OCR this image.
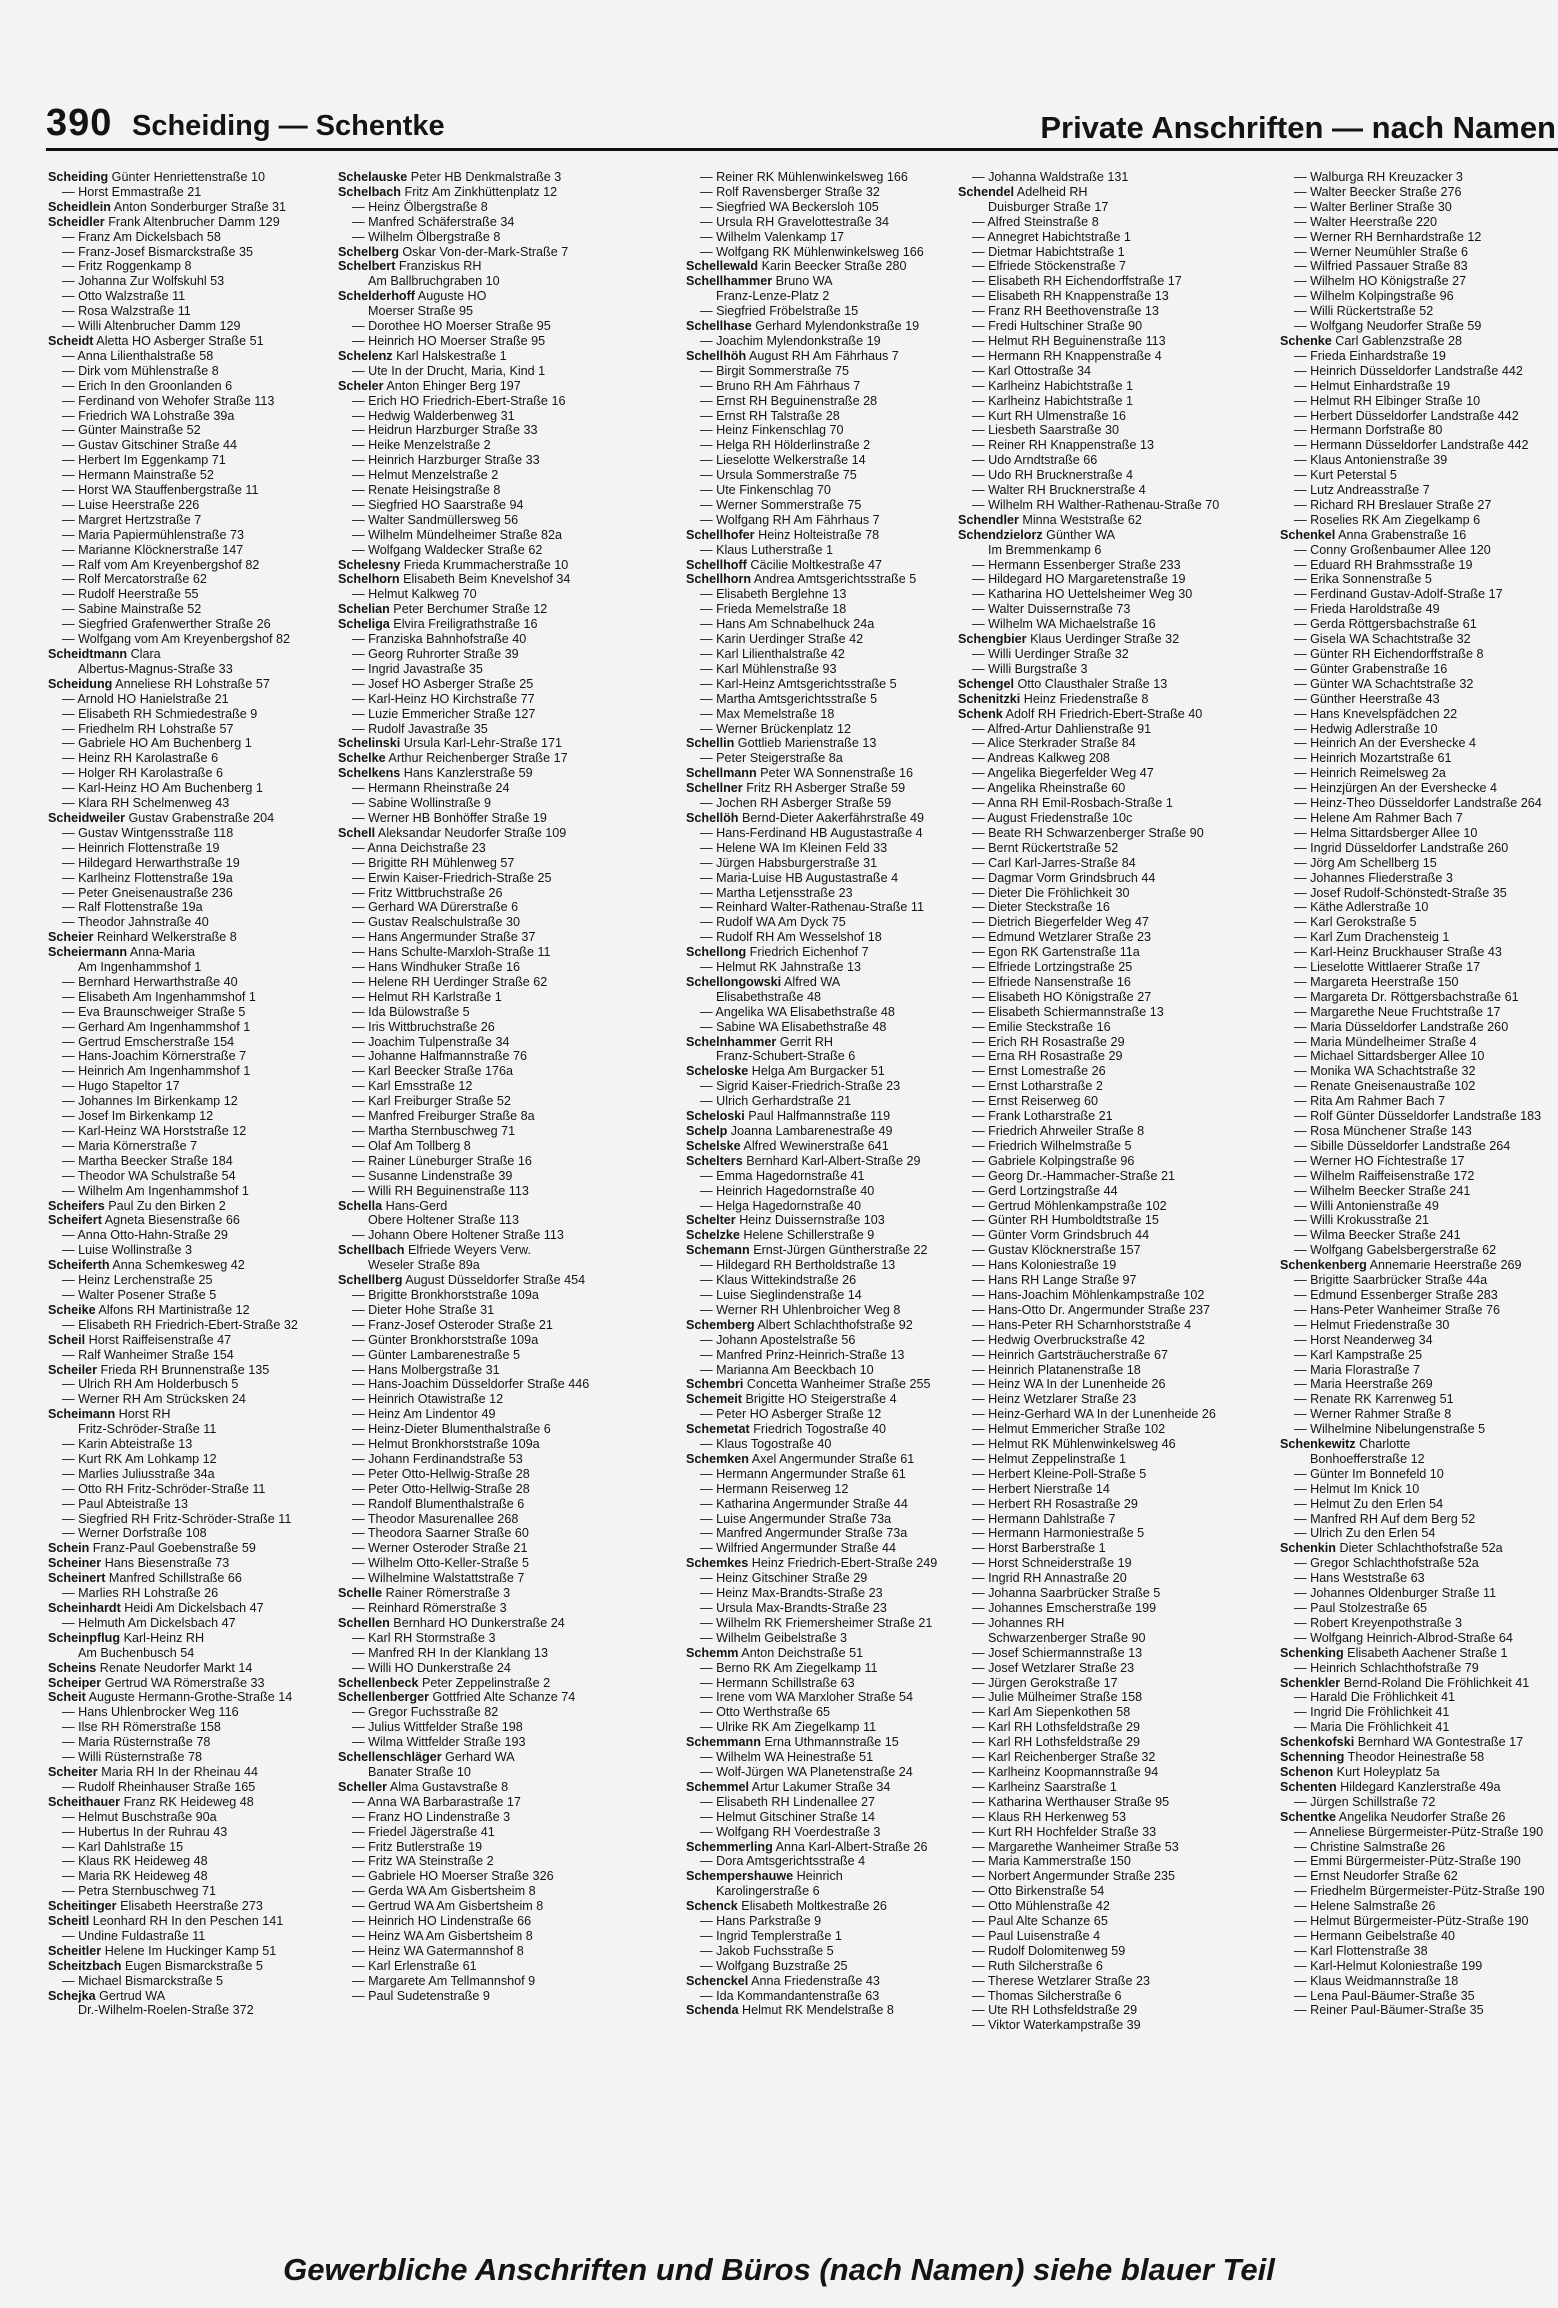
390 Scheiding — Schentke	Private Anschriften — nach Namen
Scheiding Günter Henriettenstraße 10
— Horst Emmastraße 21
Scheidlein Anton Sonderburger Straße 31
Scheidler Frank Altenbrucher Damm 129
— Franz Am Dickelsbach 58
— Franz-Josef Bismarckstraße 35
— Fritz Roggenkamp 8
— Johanna Zur Wolfskuhl 53
— Otto Walzstraße 11
— Rosa Walzstraße 11
— Willi Altenbrucher Damm 129
Scheidt Aletta HO Asberger Straße 51
— Anna Lilienthalstraße 58
— Dirk vom Mühlenstraße 8
— Erich In den Groonlanden 6
— Ferdinand von Wehofer Straße 113
— Friedrich WA Lohstraße 39a
— Günter Mainstraße 52
— Gustav Gitschiner Straße 44
— Herbert Im Eggenkamp 71
— Hermann Mainstraße 52
— Horst WA Stauffenbergstraße 11
— Luise Heerstraße 226
— Margret Hertzstraße 7
— Maria Papiermühlenstraße 73
— Marianne Klöcknerstraße 147
— Ralf vom Am Kreyenbergshof 82
— Rolf Mercatorstraße 62
— Rudolf Heerstraße 55
— Sabine Mainstraße 52
— Siegfried Grafenwerther Straße 26
— Wolfgang vom Am Kreyenbergshof 82
Scheidtmann Clara
Albertus-Magnus-Straße 33
Scheidung Anneliese RH Lohstraße 57
— Arnold HO Hanielstraße 21
— Elisabeth RH Schmiedestraße 9
— Friedhelm RH Lohstraße 57
— Gabriele HO Am Buchenberg 1
— Heinz RH Karolastraße 6
— Holger RH Karolastraße 6
— Karl-Heinz HO Am Buchenberg 1
— Klara RH Schelmenweg 43
Scheidweiler Gustav Grabenstraße 204
— Gustav Wintgensstraße 118
— Heinrich Flottenstraße 19
— Hildegard Herwarthstraße 19
— Karlheinz Flottenstraße 19a
— Peter Gneisenaustraße 236
— Ralf Flottenstraße 19a
— Theodor Jahnstraße 40
Scheier Reinhard Welkerstraße 8
Scheiermann Anna-Maria
Am Ingenhammshof 1
— Bernhard Herwarthstraße 40
— Elisabeth Am Ingenhammshof 1
— Eva Braunschweiger Straße 5
— Gerhard Am Ingenhammshof 1
— Gertrud Emscherstraße 154
— Hans-Joachim Körnerstraße 7
— Heinrich Am Ingenhammshof 1
— Hugo Stapeltor 17
— Johannes Im Birkenkamp 12
— Josef Im Birkenkamp 12
— Karl-Heinz WA Horststraße 12
— Maria Körnerstraße 7
— Martha Beecker Straße 184
— Theodor WA Schulstraße 54
— Wilhelm Am Ingenhammshof 1
Scheifers Paul Zu den Birken 2
Scheifert Agneta Biesenstraße 66
— Anna Otto-Hahn-Straße 29
— Luise Wollinstraße 3
Scheiferth Anna Schemkesweg 42
— Heinz Lerchenstraße 25
— Walter Posener Straße 5
Scheike Alfons RH Martinistraße 12
— Elisabeth RH Friedrich-Ebert-Straße 32
Scheil Horst Raiffeisenstraße 47
— Ralf Wanheimer Straße 154
Scheiler Frieda RH Brunnenstraße 135
— Ulrich RH Am Holderbusch 5
— Werner RH Am Strücksken 24
Scheimann Horst RH
Fritz-Schröder-Straße 11
— Karin Abteistraße 13
— Kurt RK Am Lohkamp 12
— Marlies Juliusstraße 34a
— Otto RH Fritz-Schröder-Straße 11
— Paul Abteistraße 13
— Siegfried RH Fritz-Schröder-Straße 11
— Werner Dorfstraße 108
Schein Franz-Paul Goebenstraße 59
Scheiner Hans Biesenstraße 73
Scheinert Manfred Schillstraße 66
— Marlies RH Lohstraße 26
Scheinhardt Heidi Am Dickelsbach 47
— Helmuth Am Dickelsbach 47
Scheinpflug Karl-Heinz RH
Am Buchenbusch 54
Scheins Renate Neudorfer Markt 14
Scheiper Gertrud WA Römerstraße 33
Scheit Auguste Hermann-Grothe-Straße 14
— Hans Uhlenbrocker Weg 116
— Ilse RH Römerstraße 158
— Maria Rüsternstraße 78
— Willi Rüsternstraße 78
Scheiter Maria RH In der Rheinau 44
— Rudolf Rheinhauser Straße 165
Scheithauer Franz RK Heideweg 48
— Helmut Buschstraße 90a
— Hubertus In der Ruhrau 43
— Karl Dahlstraße 15
— Klaus RK Heideweg 48
— Maria RK Heideweg 48
— Petra Sternbuschweg 71
Scheitinger Elisabeth Heerstraße 273
Scheitl Leonhard RH In den Peschen 141
— Undine Fuldastraße 11
Scheitler Helene Im Huckinger Kamp 51
Scheitzbach Eugen Bismarckstraße 5
— Michael Bismarckstraße 5
Schejka Gertrud WA
Dr.-Wilhelm-Roelen-Straße 372
Schelauske Peter HB Denkmalstraße 3
Schelbach Fritz Am Zinkhüttenplatz 12
— Heinz Ölbergstraße 8
— Manfred Schäferstraße 34
— Wilhelm Ölbergstraße 8
Schelberg Oskar Von-der-Mark-Straße 7
Schelbert Franziskus RH
Am Ballbruchgraben 10
Schelderhoff Auguste HO
Moerser Straße 95
— Dorothee HO Moerser Straße 95
— Heinrich HO Moerser Straße 95
Schelenz Karl Halskestraße 1
— Ute In der Drucht, Maria, Kind 1
Scheler Anton Ehinger Berg 197
— Erich HO Friedrich-Ebert-Straße 16
— Hedwig Walderbenweg 31
— Heidrun Harzburger Straße 33
— Heike Menzelstraße 2
— Heinrich Harzburger Straße 33
— Helmut Menzelstraße 2
— Renate Heisingstraße 8
— Siegfried HO Saarstraße 94
— Walter Sandmüllersweg 56
— Wilhelm Mündelheimer Straße 82a
— Wolfgang Waldecker Straße 62
Schelesny Frieda Krummacherstraße 10
Schelhorn Elisabeth Beim Knevelshof 34
— Helmut Kalkweg 70
Schelian Peter Berchumer Straße 12
Scheliga Elvira Freiligrathstraße 16
— Franziska Bahnhofstraße 40
— Georg Ruhrorter Straße 39
— Ingrid Javastraße 35
— Josef HO Asberger Straße 25
— Karl-Heinz HO Kirchstraße 77
— Luzie Emmericher Straße 127
— Rudolf Javastraße 35
Schelinski Ursula Karl-Lehr-Straße 171
Schelke Arthur Reichenberger Straße 17
Schelkens Hans Kanzlerstraße 59
— Hermann Rheinstraße 24
— Sabine Wollinstraße 9
— Werner HB Bonhöffer Straße 19
Schell Aleksandar Neudorfer Straße 109
— Anna Deichstraße 23
— Brigitte RH Mühlenweg 57
— Erwin Kaiser-Friedrich-Straße 25
— Fritz Wittbruchstraße 26
— Gerhard WA Dürerstraße 6
— Gustav Realschulstraße 30
— Hans Angermunder Straße 37
— Hans Schulte-Marxloh-Straße 11
— Hans Windhuker Straße 16
— Helene RH Uerdinger Straße 62
— Helmut RH Karlstraße 1
— Ida Bülowstraße 5
— Iris Wittbruchstraße 26
— Joachim Tulpenstraße 34
— Johanne Halfmannstraße 76
— Karl Beecker Straße 176a
— Karl Emsstraße 12
— Karl Freiburger Straße 52
— Manfred Freiburger Straße 8a
— Martha Sternbuschweg 71
— Olaf Am Tollberg 8
— Rainer Lüneburger Straße 16
— Susanne Lindenstraße 39
— Willi RH Beguinenstraße 113
Schella Hans-Gerd
Obere Holtener Straße 113
— Johann Obere Holtener Straße 113
Schellbach Elfriede Weyers Verw.
Weseler Straße 89a
Schellberg August Düsseldorfer Straße 454
— Brigitte Bronkhorststraße 109a
— Dieter Hohe Straße 31
— Franz-Josef Osteroder Straße 21
— Günter Bronkhorststraße 109a
— Günter Lambarenestraße 5
— Hans Molbergstraße 31
— Hans-Joachim Düsseldorfer Straße 446
— Heinrich Otawistraße 12
— Heinz Am Lindentor 49
— Heinz-Dieter Blumenthalstraße 6
— Helmut Bronkhorststraße 109a
— Johann Ferdinandstraße 53
— Peter Otto-Hellwig-Straße 28
— Peter Otto-Hellwig-Straße 28
— Randolf Blumenthalstraße 6
— Theodor Masurenallee 268
— Theodora Saarner Straße 60
— Werner Osteroder Straße 21
— Wilhelm Otto-Keller-Straße 5
— Wilhelmine Walstattstraße 7
Schelle Rainer Römerstraße 3
— Reinhard Römerstraße 3
Schellen Bernhard HO Dunkerstraße 24
— Karl RH Stormstraße 3
— Manfred RH In der Klanklang 13
— Willi HO Dunkerstraße 24
Schellenbeck Peter Zeppelinstraße 2
Schellenberger Gottfried Alte Schanze 74
— Gregor Fuchsstraße 82
— Julius Wittfelder Straße 198
— Wilma Wittfelder Straße 193
Schellenschläger Gerhard WA
Banater Straße 10
Scheller Alma Gustavstraße 8
— Anna WA Barbarastraße 17
— Franz HO Lindenstraße 3
— Friedel Jägerstraße 41
— Fritz Butlerstraße 19
— Fritz WA Steinstraße 2
— Gabriele HO Moerser Straße 326
— Gerda WA Am Gisbertsheim 8
— Gertrud WA Am Gisbertsheim 8
— Heinrich HO Lindenstraße 66
— Heinz WA Am Gisbertsheim 8
— Heinz WA Gatermannshof 8
— Karl Erlenstraße 61
— Margarete Am Tellmannshof 9
— Paul Sudetenstraße 9
— Reiner RK Mühlenwinkelsweg 166
— Rolf Ravensberger Straße 32
— Siegfried WA Beckersloh 105
— Ursula RH Gravelottestraße 34
— Wilhelm Valenkamp 17
— Wolfgang RK Mühlenwinkelsweg 166
Schellewald Karin Beecker Straße 280
Schellhammer Bruno WA
Franz-Lenze-Platz 2
— Siegfried Fröbelstraße 15
Schellhase Gerhard Mylendonkstraße 19
— Joachim Mylendonkstraße 19
Schellhöh August RH Am Fährhaus 7
— Birgit Sommerstraße 75
— Bruno RH Am Fährhaus 7
— Ernst RH Beguinenstraße 28
— Ernst RH Talstraße 28
— Heinz Finkenschlag 70
— Helga RH Hölderlinstraße 2
— Lieselotte Welkerstraße 14
— Ursula Sommerstraße 75
— Ute Finkenschlag 70
— Werner Sommerstraße 75
— Wolfgang RH Am Fährhaus 7
Schellhofer Heinz Holteistraße 78
— Klaus Lutherstraße 1
Schellhoff Cäcilie Moltkestraße 47
Schellhorn Andrea Amtsgerichtsstraße 5
— Elisabeth Berglehne 13
— Frieda Memelstraße 18
— Hans Am Schnabelhuck 24a
— Karin Uerdinger Straße 42
— Karl Lilienthalstraße 42
— Karl Mühlenstraße 93
— Karl-Heinz Amtsgerichtsstraße 5
— Martha Amtsgerichtsstraße 5
— Max Memelstraße 18
— Werner Brückenplatz 12
Schellin Gottlieb Marienstraße 13
— Peter Steigerstraße 8a
Schellmann Peter WA Sonnenstraße 16
Schellner Fritz RH Asberger Straße 59
— Jochen RH Asberger Straße 59
Schellöh Bernd-Dieter Aakerfährstraße 49
— Hans-Ferdinand HB Augustastraße 4
— Helene WA Im Kleinen Feld 33
— Jürgen Habsburgerstraße 31
— Maria-Luise HB Augustastraße 4
— Martha Letjensstraße 23
— Reinhard Walter-Rathenau-Straße 11
— Rudolf WA Am Dyck 75
— Rudolf RH Am Wesselshof 18
Schellong Friedrich Eichenhof 7
— Helmut RK Jahnstraße 13
Schellongowski Alfred WA
Elisabethstraße 48
— Angelika WA Elisabethstraße 48
— Sabine WA Elisabethstraße 48
Schelnhammer Gerrit RH
Franz-Schubert-Straße 6
Scheloske Helga Am Burgacker 51
— Sigrid Kaiser-Friedrich-Straße 23
— Ulrich Gerhardstraße 21
Scheloski Paul Halfmannstraße 119
Schelp Joanna Lambarenestraße 49
Schelske Alfred Wewinerstraße 641
Schelters Bernhard Karl-Albert-Straße 29
— Emma Hagedornstraße 41
— Heinrich Hagedornstraße 40
— Helga Hagedornstraße 40
Schelter Heinz Duissernstraße 103
Schelzke Helene Schillerstraße 9
Schemann Ernst-Jürgen Güntherstraße 22
— Hildegard RH Bertholdstraße 13
— Klaus Wittekindstraße 26
— Luise Sieglindenstraße 14
— Werner RH Uhlenbroicher Weg 8
Schemberg Albert Schlachthofstraße 92
— Johann Apostelstraße 56
— Manfred Prinz-Heinrich-Straße 13
— Marianna Am Beeckbach 10
Schembri Concetta Wanheimer Straße 255
Schemeit Brigitte HO Steigerstraße 4
— Peter HO Asberger Straße 12
Schemetat Friedrich Togostraße 40
— Klaus Togostraße 40
Schemken Axel Angermunder Straße 61
— Hermann Angermunder Straße 61
— Hermann Reiserweg 12
— Katharina Angermunder Straße 44
— Luise Angermunder Straße 73a
— Manfred Angermunder Straße 73a
— Wilfried Angermunder Straße 44
Schemkes Heinz Friedrich-Ebert-Straße 249
— Heinz Gitschiner Straße 29
— Heinz Max-Brandts-Straße 23
— Ursula Max-Brandts-Straße 23
— Wilhelm RK Friemersheimer Straße 21
— Wilhelm Geibelstraße 3
Schemm Anton Deichstraße 51
— Berno RK Am Ziegelkamp 11
— Hermann Schillstraße 63
— Irene vom WA Marxloher Straße 54
— Otto Werthstraße 65
— Ulrike RK Am Ziegelkamp 11
Schemmann Erna Uthmannstraße 15
— Wilhelm WA Heinestraße 51
— Wolf-Jürgen WA Planetenstraße 24
Schemmel Artur Lakumer Straße 34
— Elisabeth RH Lindenallee 27
— Helmut Gitschiner Straße 14
— Wolfgang RH Voerdestraße 3
Schemmerling Anna Karl-Albert-Straße 26
— Dora Amtsgerichtsstraße 4
Schempershauwe Heinrich
Karolingerstraße 6
Schenck Elisabeth Moltkestraße 26
— Hans Parkstraße 9
— Ingrid Templerstraße 1
— Jakob Fuchsstraße 5
— Wolfgang Buzstraße 25
Schenckel Anna Friedenstraße 43
— Ida Kommandantenstraße 63
Schenda Helmut RK Mendelstraße 8
— Johanna Waldstraße 131
Schendel Adelheid RH
Duisburger Straße 17
— Alfred Steinstraße 8
— Annegret Habichtstraße 1
— Dietmar Habichtstraße 1
— Elfriede Stöckenstraße 7
— Elisabeth RH Eichendorffstraße 17
— Elisabeth RH Knappenstraße 13
— Franz RH Beethovenstraße 13
— Fredi Hultschiner Straße 90
— Helmut RH Beguinenstraße 113
— Hermann RH Knappenstraße 4
— Karl Ottostraße 34
— Karlheinz Habichtstraße 1
— Karlheinz Habichtstraße 1
— Kurt RH Ulmenstraße 16
— Liesbeth Saarstraße 30
— Reiner RH Knappenstraße 13
— Udo Arndtstraße 66
— Udo RH Brucknerstraße 4
— Walter RH Brucknerstraße 4
— Wilhelm RH Walther-Rathenau-Straße 70
Schendler Minna Weststraße 62
Schendzielorz Günther WA
Im Bremmenkamp 6
— Hermann Essenberger Straße 233
— Hildegard HO Margaretenstraße 19
— Katharina HO Uettelsheimer Weg 30
— Walter Duissernstraße 73
— Wilhelm WA Michaelstraße 16
Schengbier Klaus Uerdinger Straße 32
— Willi Uerdinger Straße 32
— Willi Burgstraße 3
Schengel Otto Clausthaler Straße 13
Schenitzki Heinz Friedenstraße 8
Schenk Adolf RH Friedrich-Ebert-Straße 40
— Alfred-Artur Dahlienstraße 91
— Alice Sterkrader Straße 84
— Andreas Kalkweg 208
— Angelika Biegerfelder Weg 47
— Angelika Rheinstraße 60
— Anna RH Emil-Rosbach-Straße 1
— August Friedenstraße 10c
— Beate RH Schwarzenberger Straße 90
— Bernt Rückertstraße 52
— Carl Karl-Jarres-Straße 84
— Dagmar Vorm Grindsbruch 44
— Dieter Die Fröhlichkeit 30
— Dieter Steckstraße 16
— Dietrich Biegerfelder Weg 47
— Edmund Wetzlarer Straße 23
— Egon RK Gartenstraße 11a
— Elfriede Lortzingstraße 25
— Elfriede Nansenstraße 16
— Elisabeth HO Königstraße 27
— Elisabeth Schiermannstraße 13
— Emilie Steckstraße 16
— Erich RH Rosastraße 29
— Erna RH Rosastraße 29
— Ernst Lomestraße 26
— Ernst Lotharstraße 2
— Ernst Reiserweg 60
— Frank Lotharstraße 21
— Friedrich Ahrweiler Straße 8
— Friedrich Wilhelmstraße 5
— Gabriele Kolpingstraße 96
— Georg Dr.-Hammacher-Straße 21
— Gerd Lortzingstraße 44
— Gertrud Möhlenkampstraße 102
— Günter RH Humboldtstraße 15
— Günter Vorm Grindsbruch 44
— Gustav Klöcknerstraße 157
— Hans Koloniestraße 19
— Hans RH Lange Straße 97
— Hans-Joachim Möhlenkampstraße 102
— Hans-Otto Dr. Angermunder Straße 237
— Hans-Peter RH Scharnhorststraße 4
— Hedwig Overbruckstraße 42
— Heinrich Gartsträucherstraße 67
— Heinrich Platanenstraße 18
— Heinz WA In der Lunenheide 26
— Heinz Wetzlarer Straße 23
— Heinz-Gerhard WA In der Lunenheide 26
— Helmut Emmericher Straße 102
— Helmut RK Mühlenwinkelsweg 46
— Helmut Zeppelinstraße 1
— Herbert Kleine-Poll-Straße 5
— Herbert Nierstraße 14
— Herbert RH Rosastraße 29
— Hermann Dahlstraße 7
— Hermann Harmoniestraße 5
— Horst Barberstraße 1
— Horst Schneiderstraße 19
— Ingrid RH Annastraße 20
— Johanna Saarbrücker Straße 5
— Johannes Emscherstraße 199
— Johannes RH
Schwarzenberger Straße 90
— Josef Schiermannstraße 13
— Josef Wetzlarer Straße 23
— Jürgen Gerokstraße 17
— Julie Mülheimer Straße 158
— Karl Am Siepenkothen 58
— Karl RH Lothsfeldstraße 29
— Karl RH Lothsfeldstraße 29
— Karl Reichenberger Straße 32
— Karlheinz Koopmannstraße 94
— Karlheinz Saarstraße 1
— Katharina Werthauser Straße 95
— Klaus RH Herkenweg 53
— Kurt RH Hochfelder Straße 33
— Margarethe Wanheimer Straße 53
— Maria Kammerstraße 150
— Norbert Angermunder Straße 235
— Otto Birkenstraße 54
— Otto Mühlenstraße 42
— Paul Alte Schanze 65
— Paul Luisenstraße 4
— Rudolf Dolomitenweg 59
— Ruth Silcherstraße 6
— Therese Wetzlarer Straße 23
— Thomas Silcherstraße 6
— Ute RH Lothsfeldstraße 29
— Viktor Waterkampstraße 39
— Walburga RH Kreuzacker 3
— Walter Beecker Straße 276
— Walter Berliner Straße 30
— Walter Heerstraße 220
— Werner RH Bernhardstraße 12
— Werner Neumühler Straße 6
— Wilfried Passauer Straße 83
— Wilhelm HO Königstraße 27
— Wilhelm Kolpingstraße 96
— Willi Rückertstraße 52
— Wolfgang Neudorfer Straße 59
Schenke Carl Gablenzstraße 28
— Frieda Einhardstraße 19
— Heinrich Düsseldorfer Landstraße 442
— Helmut Einhardstraße 19
— Helmut RH Elbinger Straße 10
— Herbert Düsseldorfer Landstraße 442
— Hermann Dorfstraße 80
— Hermann Düsseldorfer Landstraße 442
— Klaus Antonienstraße 39
— Kurt Peterstal 5
— Lutz Andreasstraße 7
— Richard RH Breslauer Straße 27
— Roselies RK Am Ziegelkamp 6
Schenkel Anna Grabenstraße 16
— Conny Großenbaumer Allee 120
— Eduard RH Brahmsstraße 19
— Erika Sonnenstraße 5
— Ferdinand Gustav-Adolf-Straße 17
— Frieda Haroldstraße 49
— Gerda Röttgersbachstraße 61
— Gisela WA Schachtstraße 32
— Günter RH Eichendorffstraße 8
— Günter Grabenstraße 16
— Günter WA Schachtstraße 32
— Günther Heerstraße 43
— Hans Knevelspfädchen 22
— Hedwig Adlerstraße 10
— Heinrich An der Evershecke 4
— Heinrich Mozartstraße 61
— Heinrich Reimelsweg 2a
— Heinzjürgen An der Evershecke 4
— Heinz-Theo Düsseldorfer Landstraße 264
— Helene Am Rahmer Bach 7
— Helma Sittardsberger Allee 10
— Ingrid Düsseldorfer Landstraße 260
— Jörg Am Schellberg 15
— Johannes Fliederstraße 3
— Josef Rudolf-Schönstedt-Straße 35
— Käthe Adlerstraße 10
— Karl Gerokstraße 5
— Karl Zum Drachensteig 1
— Karl-Heinz Bruckhauser Straße 43
— Lieselotte Wittlaerer Straße 17
— Margareta Heerstraße 150
— Margareta Dr. Röttgersbachstraße 61
— Margarethe Neue Fruchtstraße 17
— Maria Düsseldorfer Landstraße 260
— Maria Mündelheimer Straße 4
— Michael Sittardsberger Allee 10
— Monika WA Schachtstraße 32
— Renate Gneisenaustraße 102
— Rita Am Rahmer Bach 7
— Rolf Günter Düsseldorfer Landstraße 183
— Rosa Münchener Straße 143
— Sibille Düsseldorfer Landstraße 264
— Werner HO Fichtestraße 17
— Wilhelm Raiffeisenstraße 172
— Wilhelm Beecker Straße 241
— Willi Antonienstraße 49
— Willi Krokusstraße 21
— Wilma Beecker Straße 241
— Wolfgang Gabelsbergerstraße 62
Schenkenberg Annemarie Heerstraße 269
— Brigitte Saarbrücker Straße 44a
— Edmund Essenberger Straße 283
— Hans-Peter Wanheimer Straße 76
— Helmut Friedenstraße 30
— Horst Neanderweg 34
— Karl Kampstraße 25
— Maria Florastraße 7
— Maria Heerstraße 269
— Renate RK Karrenweg 51
— Werner Rahmer Straße 8
— Wilhelmine Nibelungenstraße 5
Schenkewitz Charlotte
Bonhoefferstraße 12
— Günter Im Bonnefeld 10
— Helmut Im Knick 10
— Helmut Zu den Erlen 54
— Manfred RH Auf dem Berg 52
— Ulrich Zu den Erlen 54
Schenkin Dieter Schlachthofstraße 52a
— Gregor Schlachthofstraße 52a
— Hans Weststraße 63
— Johannes Oldenburger Straße 11
— Paul Stolzestraße 65
— Robert Kreyenpothstraße 3
— Wolfgang Heinrich-Albrod-Straße 64
Schenking Elisabeth Aachener Straße 1
— Heinrich Schlachthofstraße 79
Schenkler Bernd-Roland Die Fröhlichkeit 41
— Harald Die Fröhlichkeit 41
— Ingrid Die Fröhlichkeit 41
— Maria Die Fröhlichkeit 41
Schenkofski Bernhard WA Gontestraße 17
Schenning Theodor Heinestraße 58
Schenon Kurt Holeyplatz 5a
Schenten Hildegard Kanzlerstraße 49a
— Jürgen Schillstraße 72
Schentke Angelika Neudorfer Straße 26
— Anneliese Bürgermeister-Pütz-Straße 190
— Christine Salmstraße 26
— Emmi Bürgermeister-Pütz-Straße 190
— Ernst Neudorfer Straße 62
— Friedhelm Bürgermeister-Pütz-Straße 190
— Helene Salmstraße 26
— Helmut Bürgermeister-Pütz-Straße 190
— Hermann Geibelstraße 40
— Karl Flottenstraße 38
— Karl-Helmut Koloniestraße 199
— Klaus Weidmannstraße 18
— Lena Paul-Bäumer-Straße 35
— Reiner Paul-Bäumer-Straße 35
Gewerbliche Anschriften und Büros (nach Namen) siehe blauer Teil
